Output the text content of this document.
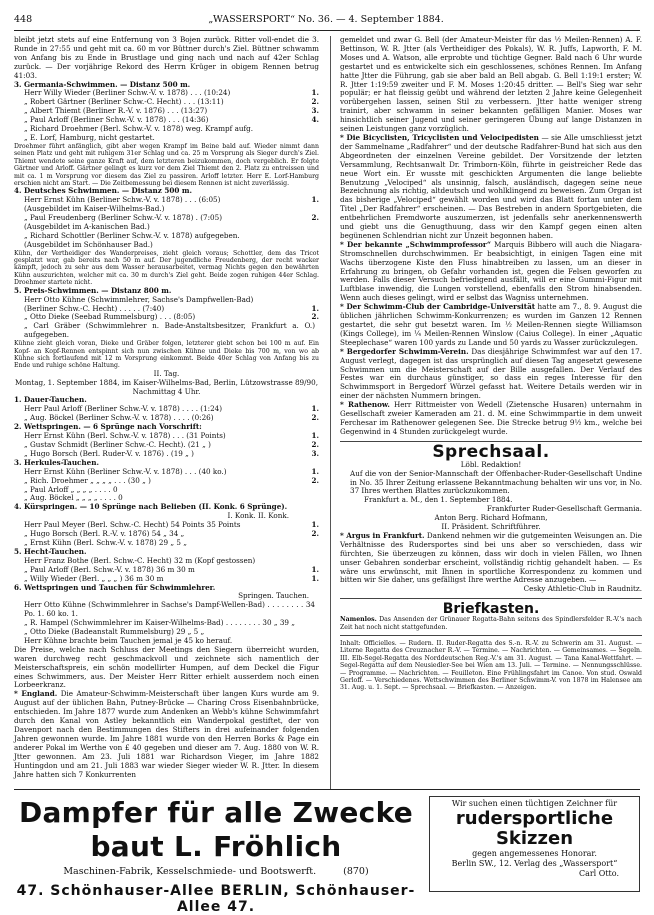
448	„WASSERSPORT“ No. 36. — 4. September 1884.

bleibt jetzt stets auf eine Entfernung von 3 Bojen zurück. Ritter voll-endet die 3. Runde in 27:55 und geht mit ca. 60 m vor Büttner durch's Ziel. Büttner schwamm von Anfang bis zu Ende in Brustlage und ging nach und nach auf 42er Schlag zurück. — Der vorjährige Rekord des Herrn Krüger in obigem Rennen betrug 41:03.

3. Germania-Schwimmen. — Distanz 500 m.

Herr Willy Wieder (Berliner Schw.-V. v. 1878) . . . (10:24)	1.
„ Robert Gärtner (Berliner Schw.-C. Hecht) . . . (13:11)	2.
„ Albert Thiemt (Berliner R.-V. v. 1876) . . . (13:27)	3.
„ Paul Arloff (Berliner Schw.-V. v. 1878) . . . (14:36)	4.
„ Richard Droehmer (Berl. Schw.-V. v. 1878) weg. Krampf aufg.
„ E. Lorf, Hamburg, nicht gestartet.

Droehmer führt anfänglich, gibt aber wegen Krampf im Beine bald auf. Wieder nimmt dann seinen Platz und geht mit ruhigem 31er Schlag und ca. 25 m Vorsprung als Sieger durch's Ziel. Thiemt wendete seine ganze Kraft auf, dem letzteren beizukommen, doch vergeblich. Er folgte Gärtner und Arloff. Gärtner gelingt es kurz vor dem Ziel Thiemt den 2. Platz zu entreissen und mit ca. 1 m Vorsprung vor diesem das Ziel zu passiren. Arloff letzter. Herr E. Lorf-Hamburg erschien nicht am Start. — Die Zeitbemessung bei diesem Rennen ist nicht zuverlässig.

4. Deutsches Schwimmen. — Distanz 500 m.

Herr Ernst Kühn (Berliner Schw.-V. v. 1878) . . . (6:05)	1.
(Ausgebildet im Kaiser-Wilhelms-Bad.)
„ Paul Freudenberg (Berliner Schw.-V. v. 1878) . (7:05)	2.
(Ausgebildet im A-kanischen Bad.)
„ Richard Schottler (Berliner Schw.-V. v. 1878) aufgegeben.
(Ausgebildet im Schönhauser Bad.)

Kühn, der Vertheidiger des Wanderpreises, zieht gleich voraus; Schottler, dem das Tricot gesplatzt war, gab bereits nach 50 m auf. Der jugendliche Freudenberg, der recht wacker kämpft, jedoch zu sehr aus dem Wasser herausarbeitet, vermag Nichts gegen den bewährten Kühn auszurichten, welcher mit ca. 30 m durch's Ziel geht. Beide zogen ruhigen 44er Schlag. Droehmer startete nicht.

5. Preis-Schwimmen. — Distanz 800 m.

Herr Otto Kühne (Schwimmlehrer, Sachse's Dampfwellen-Bad)
(Berliner Schw.-C. Hecht) . . . . . (7:40)	1.
„ Otto Dieke (Seebad Rummelsburg) . . . (8:05)	2.
„ Carl Gräber (Schwimmlehrer n. Bade-Anstaltsbesitzer, Frankfurt a. O.) aufgegeben.

Kühne zieht gleich voran, Dieke und Gräber folgen, letzterer giebt schon bei 100 m auf. Ein Kopf- an Kopf-Rennen entspinnt sich nun zwischen Kühne und Dieke bis 700 m, von wo ab Kühne sich fortlaufend mit 12 m Vorsprung einkommt. Beide 40er Schlag von Anfang bis zu Ende und ruhige schöne Haltung.

II. Tag.

Montag, 1. September 1884, im Kaiser-Wilhelms-Bad, Berlin, Lützowstrasse 89/90, Nachmittag 4 Uhr.

1. Dauer-Tauchen.

Herr Paul Arloff (Berliner Schw.-V. v. 1878) . . . . (1:24)	1.
„ Aug. Böckel (Berliner Schw.-V. v. 1878) . . . . (0:26)	2.

2. Wettspringen. — 6 Sprünge nach Vorschrift:

Herr Ernst Kühn (Berl. Schw.-V. v. 1878) . . . (31 Points)	1.
„ Gustav Schmidt (Berliner Schw.-C. Hecht). (21 „ )	2.
„ Hugo Borsch (Berl. Ruder-V. v. 1876) . (19 „ )	3.

3. Herkules-Tauchen.

Herr Ernst Kühn (Berliner Schw.-V. v. 1878) . . . (40 ko.)	1.
„ Rich. Droehmer „ „ „ „ . . . (30 „ )	2.
„ Paul Arloff „ „ „ „ . . . . 0
„ Aug. Böckel „ „ „ „ . . . . 0

4. Kürspringen. — 10 Sprünge nach Belieben (II. Konk. 6 Sprünge).

I. Konk. II. Konk.

Herr Paul Meyer (Berl. Schw.-C. Hecht) 54 Points 35 Points	1.
„ Hugo Borsch (Berl. R.-V. v. 1876) 54 „ 34 „	2.
„ Ernst Kühn (Berl. Schw.-V. v. 1878) 29 „ 5 „

5. Hecht-Tauchen.

Herr Franz Bothe (Berl. Schw.-C. Hecht) 32 m (Kopf gestossen)
„ Paul Arloff (Berl. Schw.-V. v. 1878) 36 m 30 m	1.
„ Willy Wieder (Berl. „ „ „ ) 36 m 30 m	1.

6. Wettspringen und Tauchen für Schwimmlehrer.

Springen. Tauchen.

Herr Otto Kühne (Schwimmlehrer in Sachse's Dampf-Wellen-Bad) . . . . . . . . 34 Po. 1. 60 ko. 1.
„ R. Hampel (Schwimmlehrer im Kaiser-Wilhelms-Bad) . . . . . . . . 30 „ 39 „
„ Otto Dieke (Badeanstalt Rummelsburg) 29 „ 5 „
Herr Kühne brachte beim Tauchen jemal je 45 ko herauf.

Die Preise, welche nach Schluss der Meetings den Siegern überreicht wurden, waren durchweg recht geschmackvoll und zeichnete sich namentlich der Meisterschaftspreis, ein schön modellirter Humpen, auf dem Deckel die Figur eines Schwimmers, aus. Der Meister Herr Ritter erhielt ausserdem noch einen Lorbeerkranz.

* England. Die Amateur-Schwimm-Meisterschaft über langen Kurs wurde am 9. August auf der üblichen Bahn, Putney-Brücke — Charing Cross Eisenbahnbrücke, entschieden. Im Jahre 1877 wurde zum Andenken an Webb's kühne Schwimmfahrt durch den Kanal von Astley bekanntlich ein Wanderpokal gestiftet, der von Davenport nach den Bestimmungen des Stifters in drei aufeinander folgenden Jahren gewonnen wurde. Im Jahre 1881 wurde von den Herren Borks & Page ein anderer Pokal im Werthe von £ 40 gegeben und dieser am 7. Aug. 1880 von W. R. Jtter gewonnen. Am 23. Juli 1881 war Richardson Vieger, im Jahre 1882 Huntingdon und am 21. Juli 1883 war wieder Sieger wieder W. R. Jtter. In diesem Jahre hatten sich 7 Konkurrenten

gemeldet und zwar G. Bell (der Amateur-Meister für das ½ Meilen-Rennen) A. F. Bettinson, W. R. Jtter (als Vertheidiger des Pokals), W. R. Juffs, Lapworth, F. M. Moses und A. Watson, alle erprobte und tüchtige Gegner. Bald nach 6 Uhr wurde gestartet und es entwickelte sich ein geschlossenes, schönes Rennen. Im Anfang hatte Jtter die Führung, gab sie aber bald an Bell abgab. G. Bell 1:19:1 erster; W. R. Jtter 1:19:59 zweiter und F. M. Moses 1:20:45 dritter. — Bell's Sieg war sehr populär; er hat fleissig geübt und während der letzten 2 Jahre keine Gelegenheit vorübergehen lassen, seinen Stil zu verbessern. Jtter hatte weniger streng trainirt, aber schwamm in seiner bekannten gefälligen Manier. Moses war hinsichtlich seiner Jugend und seiner geringeren Übung auf lange Distanzen in seinen Leistungen ganz vorzüglich.

* Die Bicyclisten, Tricyclisten und Velocipedisten — sie Alle umschliesst jetzt der Sammelname „Radfahrer“ und der deutsche Radfahrer-Bund hat sich aus den Abgeordneten der einzelnen Vereine gebildet. Der Vorsitzende der letzten Versammlung, Rechtsanwalt Dr. Trimborn-Köln, führte in geistreicher Rede das neue Wort ein. Er wusste mit geschickten Argumenten die lange beliebte Benutzung „Velociped“ als unsinnig, falsch, ausländisch, dagegen seine neue Bezeichnung als richtig, altdeutsch und wohlklingend zu beweisen. Zum Organ ist das bisherige „Velociped“ gewählt worden und wird das Blatt fortan unter dem Titel „Der Radfahrer“ erscheinen. — Das Bestreben in andern Sportgebieten, die entbehrlichen Fremdworte auszumerzen, ist jedenfalls sehr anerkennenswerth und giebt uns die Genugthuung, dass wir den Kampf gegen einen alten begünenen Schlendrian nicht zur Unzeit begonnen haben.

* Der bekannte „Schwimmprofessor“ Marquis Bibbero will auch die Niagara-Stromschnellen durchschwimmen. Er beabsichtigt, in einigen Tagen eine mit Wachs überzogene Kiste den Fluss hinabtreiben zu lassen, um an dieser in Erfahrung zu bringen, ob Gefahr vorhanden ist, gegen die Felsen geworfen zu werden. Falls dieser Versuch befriedigend ausfällt, will er eine Gummi-Figur mit Luftblase inwendig, die Lungen vorstellend, ebenfalls den Strom hinabsenden. Wenn auch dieses gelingt, wird er selbst das Wagniss unternehmen.

* Der Schwimm-Club der Cambridge-Universität hatte am 7., 8. 9. August die üblichen jährlichen Schwimm-Konkurrenzen; es wurden im Ganzen 12 Rennen gestartet, die sehr gut besetzt waren. Im ½ Meilen-Rennen siegte Williamson (Kings College), im ¼ Meilen-Rennen Winslow (Caius College). In einer „Aquatic Steeplechase“ waren 100 yards zu Lande und 50 yards zu Wasser zurückzulegen.

* Bergedorfer Schwimm-Verein. Das diesjährige Schwimmfest war auf den 17. August verlegt, dagegen ist das ursprünglich auf diesen Tag angesetzt gewesene Schwimmen um die Meisterschaft auf der Bille ausgefallen. Der Verlauf des Festes war ein durchaus günstiger, so dass ein reges Interesse für den Schwimmsport in Bergedorf Würzel gefasst hat. Weitere Details werden wir in einer der nächsten Nummern bringen.

* Rathenow. Herr Rittmeister von Wedell (Zietensche Husaren) unternahm in Gesellschaft zweier Kameraden am 21. d. M. eine Schwimmpartie in dem unweit Ferchesar im Rathenower gelegenen See. Die Strecke betrug 9½ km., welche bei Gegenwind in 4 Stunden zurückgelegt wurde.

Sprechsaal.

Löbl. Redaktion!

Auf die von der Senior-Mannschaft der Offenbacher-Ruder-Gesellschaft Undine in No. 35 Ihrer Zeitung erlassene Bekanntmachung behalten wir uns vor, in No. 37 Ihres werthen Blattes zurückzukommen.

Frankfurt a. M., den 1. September 1884.

Frankfurter Ruder-Gesellschaft Germania.

Anton Berg. Richard Hofmann,

II. Präsident. Schriftführer.

* Argus in Frankfurt. Dankend nehmen wir die gutgemeinten Weisungen an. Die Verhältnisse des Rudersportes sind bei uns aber so verschieden, dass wir fürchten, Sie überzeugen zu können, dass wir doch in vielen Fällen, wo Ihnen unser Gebahren sonderbar erscheint, vollständig richtig gehandelt haben. — Es wäre uns erwünscht, mit Ihnen in sportliche Korrespondenz zu kommen und bitten wir Sie daher, uns gefälligst Ihre werthe Adresse anzugeben. —

Cesky Athletic-Club in Raudnitz.

Briefkasten.

Namenlos. Das Ansenden der Grünauer Regatta-Bahn seitens des Spindlersfelder R.-V.'s nach Zeit hat noch nicht stattgefunden.

Inhalt: Officielles. — Rudern. II. Ruder-Regatta des S.-n. R.-V. zu Schwerin am 31. August. — Literne Regatta des Creuznacher R.-V. — Termine. — Nachrichten. — Gemeinsames. — Segeln. III. Elb-Segel-Regatta des Norddeutschen Reg.-V.'s am 31. August. — Tana Kanal-Wettfahrt. — Segel-Regatta auf dem Neusiedler-See bei Wien am 13. Juli. — Termine. — Nennungsschlüsse. — Programme. — Nachrichten. — Feuilleton. Eine Frühlingsfahrt im Canoe. Von stud. Oswald Gerloff. — Verschiedenes. Wettschwimmen des Berliner Schwimm-V. von 1878 im Halensee am 31. Aug. u. 1. Sept. — Sprechsaal. — Briefkasten. — Anzeigen.

Dampfer für alle Zwecke baut L. Fröhlich
Maschinen-Fabrik, Kesselschmiede- und Bootswerft.	(870)
47. Schönhauser-Allee BERLIN, Schönhauser-Allee 47.
Wir suchen einen tüchtigen Zeichner für
rudersportliche Skizzen
gegen angemessenes Honorar.
Berlin SW., 12. Verlag des „Wassersport“
Carl Otto.
